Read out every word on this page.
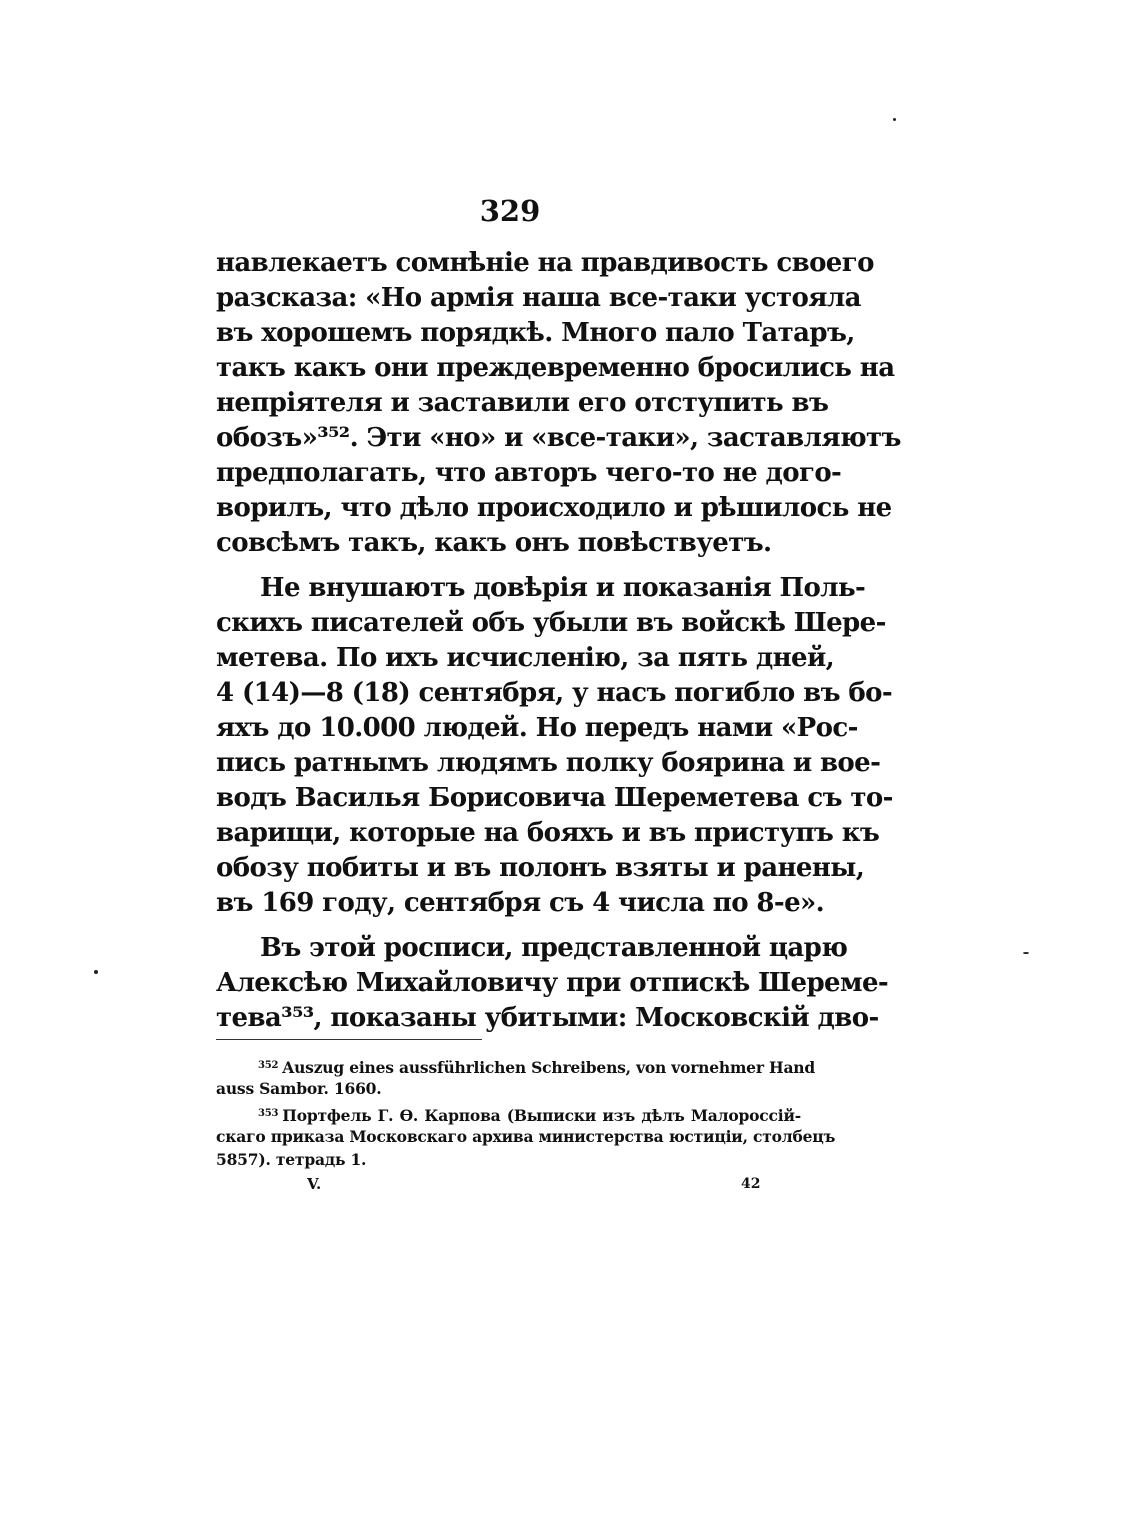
329
навлекаетъ сомнѣніе на правдивость своего
разсказа: «Но армія наша все-таки устояла
въ хорошемъ порядкѣ. Много пало Татаръ,
такъ какъ они преждевременно бросились на
непріятеля и заставили его отступить въ
обозъ»³⁵². Эти «но» и «все-таки», заставляютъ
предполагать, что авторъ чего-то не дого-
ворилъ, что дѣло происходило и рѣшилось не
совсѣмъ такъ, какъ онъ повѣствуетъ.
Не внушаютъ довѣрія и показанія Поль-
скихъ писателей объ убыли въ войскѣ Шере-
метева. По ихъ исчисленію, за пять дней,
4 (14)—8 (18) сентября, у насъ погибло въ бо-
яхъ до 10.000 людей. Но передъ нами «Рос-
пись ратнымъ людямъ полку боярина и вое-
водъ Василья Борисовича Шереметева съ то-
варищи, которые на бояхъ и въ приступъ къ
обозу побиты и въ полонъ взяты и ранены,
въ 169 году, сентября съ 4 числа по 8-е».
Въ этой росписи, представленной царю
Алексѣю Михайловичу при отпискѣ Шереме-
тева³⁵³, показаны убитыми: Московскій дво-
$^{352}$ Auszug eines aussführlichen Schreibens, von vornehmer Hand
auss Sambor. 1660.
$^{353}$ Портфель Г. Ѳ. Карпова (Выписки изъ дѣлъ Малороссій-
скаго приказа Московскаго архива министерства юстиціи, столбецъ
5857). тетрадь 1.
V.	42
